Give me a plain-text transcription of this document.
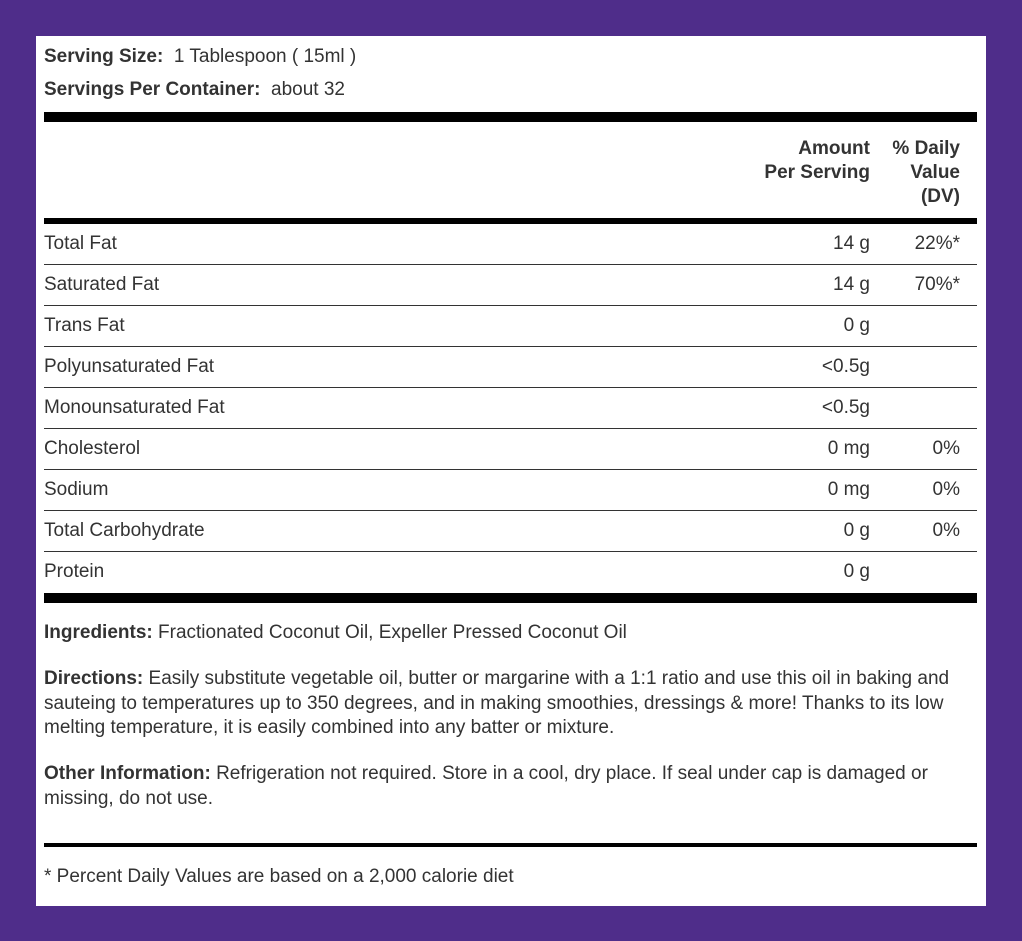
Serving Size: 1 Tablespoon ( 15ml )
Servings Per Container: about 32
Amount
Per Serving
% Daily
Value
(DV)
Total Fat	14 g 22%*
Saturated Fat	14 g 70%*
Trans Fat	0 g
Polyunsaturated Fat	<0.5g
Monounsaturated Fat	<0.5g
Cholesterol	0 mg	0%
Sodium	0 mg	0%
Total Carbohydrate	0 g	0%
Protein	0 g
Ingredients: Fractionated Coconut Oil, Expeller Pressed Coconut Oil
Directions: Easily substitute vegetable oil, butter or margarine with a 1:1 ratio and use this oil in baking and sauteing to temperatures up to 350 degrees, and in making smoothies, dressings & more! Thanks to its low melting temperature, it is easily combined into any batter or mixture.
Other Information: Refrigeration not required. Store in a cool, dry place. If seal under cap is damaged or missing, do not use.
* Percent Daily Values are based on a 2,000 calorie diet
